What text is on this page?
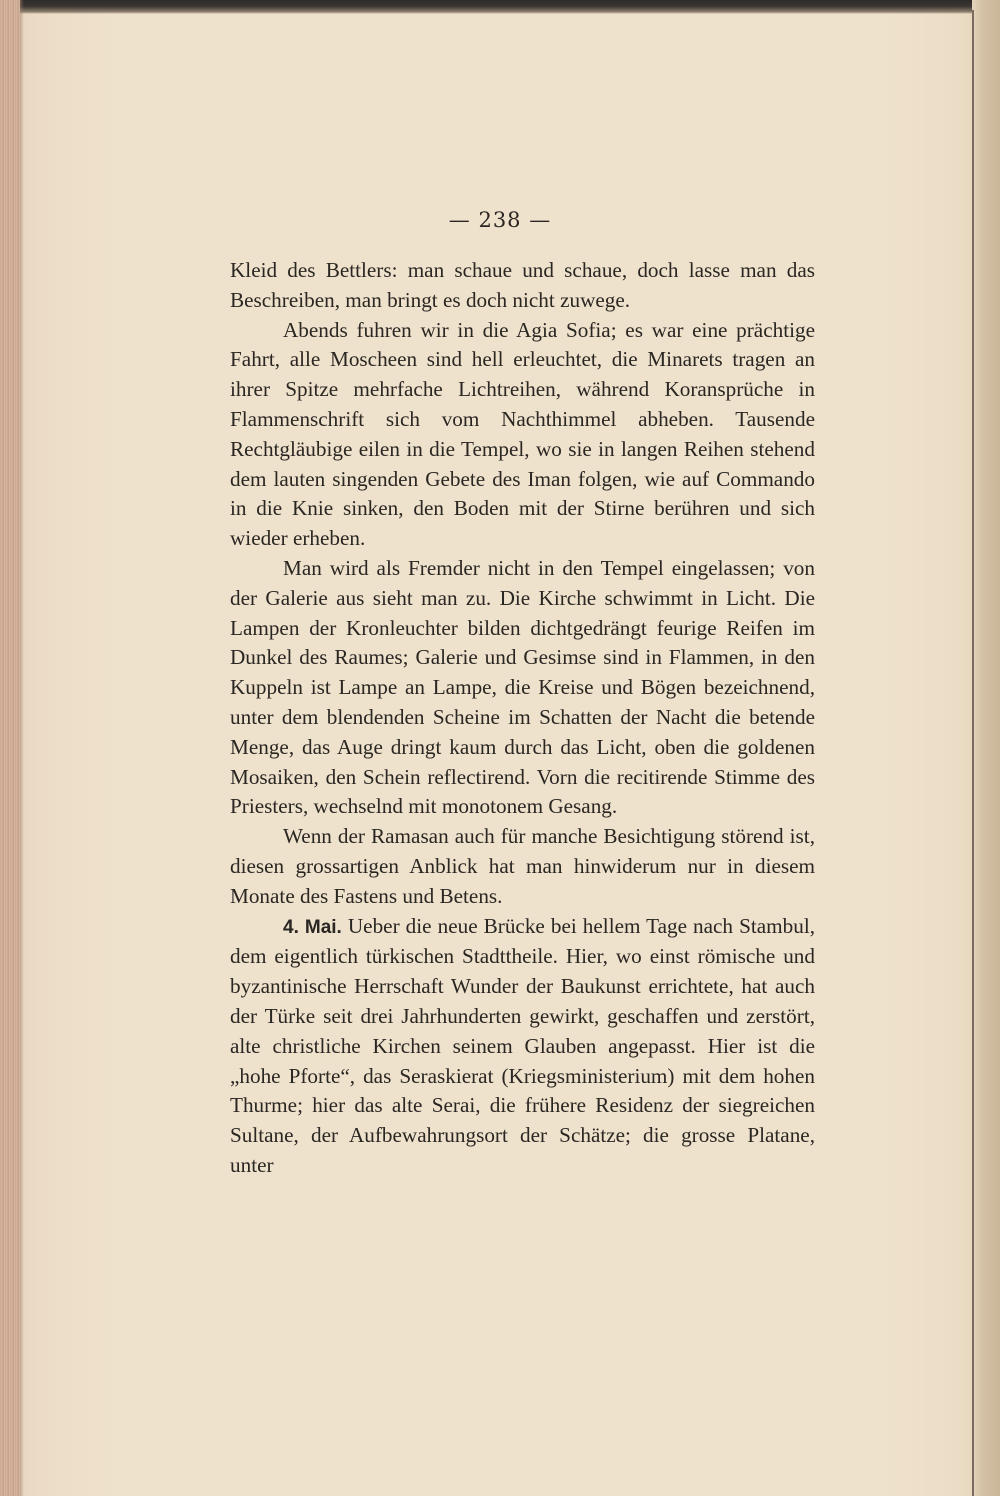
— 238 —

Kleid des Bettlers: man schaue und schaue, doch lasse man das Beschreiben, man bringt es doch nicht zuwege.

Abends fuhren wir in die Agia Sofia; es war eine prächtige Fahrt, alle Moscheen sind hell erleuchtet, die Minarets tragen an ihrer Spitze mehrfache Lichtreihen, während Koransprüche in Flammenschrift sich vom Nachthimmel abheben. Tausende Rechtgläubige eilen in die Tempel, wo sie in langen Reihen stehend dem lauten singenden Gebete des Iman folgen, wie auf Commando in die Knie sinken, den Boden mit der Stirne berühren und sich wieder erheben.

Man wird als Fremder nicht in den Tempel eingelassen; von der Galerie aus sieht man zu. Die Kirche schwimmt in Licht. Die Lampen der Kronleuchter bilden dichtgedrängt feurige Reifen im Dunkel des Raumes; Galerie und Gesimse sind in Flammen, in den Kuppeln ist Lampe an Lampe, die Kreise und Bögen bezeichnend, unter dem blendenden Scheine im Schatten der Nacht die betende Menge, das Auge dringt kaum durch das Licht, oben die goldenen Mosaiken, den Schein reflectirend. Vorn die recitirende Stimme des Priesters, wechselnd mit monotonem Gesang.

Wenn der Ramasan auch für manche Besichtigung störend ist, diesen grossartigen Anblick hat man hinwiderum nur in diesem Monate des Fastens und Betens.

4. Mai. Ueber die neue Brücke bei hellem Tage nach Stambul, dem eigentlich türkischen Stadttheile. Hier, wo einst römische und byzantinische Herrschaft Wunder der Baukunst errichtete, hat auch der Türke seit drei Jahrhunderten gewirkt, geschaffen und zerstört, alte christliche Kirchen seinem Glauben angepasst. Hier ist die „hohe Pforte“, das Seraskierat (Kriegsministerium) mit dem hohen Thurme; hier das alte Serai, die frühere Residenz der siegreichen Sultane, der Aufbewahrungsort der Schätze; die grosse Platane, unter
